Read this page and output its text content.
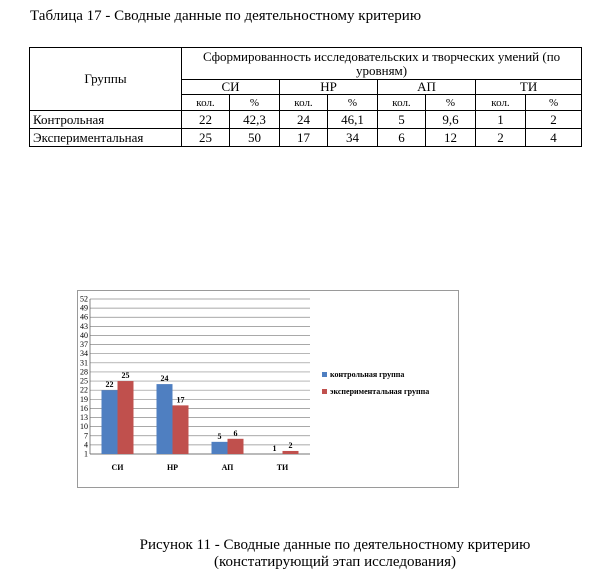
Таблица 17 - Сводные данные по деятельностному критерию
Группы	Сформированность исследовательских и творческих умений (по уровням)							
	СИ		НР		АП		ТИ	
	кол.	%	кол.	%	кол.	%	кол.	%
Контрольная	22	42,3	24	46,1	5	9,6	1	2
Экспериментальная	25	50	17	34	6	12	2	4
1
4
7
10
13
16
19
22
25
28
31
34
37
40
43
46
49
52
22
25
СИ
24
17
НР
5 6
АП
1 2
ТИ
контрольная группа
экспериментальная группа
Рисунок 11 - Сводные данные по деятельностному критерию
(констатирующий этап исследования)
